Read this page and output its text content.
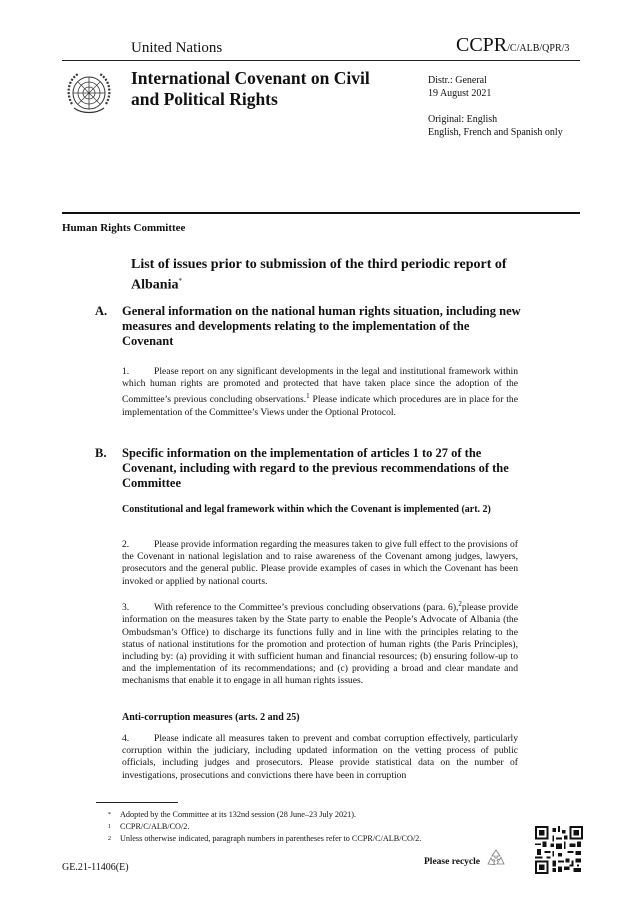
United Nations	CCPR/C/ALB/QPR/3
International Covenant on Civil and Political Rights

Distr.: General

19 August 2021

Original: English

English, French and Spanish only

Human Rights Committee
List of issues prior to submission of the third periodic report of Albania*
A. General information on the national human rights situation, including new measures and developments relating to the implementation of the Covenant
1.	Please report on any significant developments in the legal and institutional framework within which human rights are promoted and protected that have taken place since the adoption of the Committee’s previous concluding observations.$^1$ Please indicate which procedures are in place for the implementation of the Committee’s Views under the Optional Protocol.
B. Specific information on the implementation of articles 1 to 27 of the Covenant, including with regard to the previous recommendations of the Committee
Constitutional and legal framework within which the Covenant is implemented (art. 2)
2.	Please provide information regarding the measures taken to give full effect to the provisions of the Covenant in national legislation and to raise awareness of the Covenant among judges, lawyers, prosecutors and the general public. Please provide examples of cases in which the Covenant has been invoked or applied by national courts.
3.	With reference to the Committee’s previous concluding observations (para. 6),$^2$please provide information on the measures taken by the State party to enable the People’s Advocate of Albania (the Ombudsman’s Office) to discharge its functions fully and in line with the principles relating to the status of national institutions for the promotion and protection of human rights (the Paris Principles), including by: (a) providing it with sufficient human and financial resources; (b) ensuring follow-up to and the implementation of its recommendations; and (c) providing a broad and clear mandate and mechanisms that enable it to engage in all human rights issues.
Anti-corruption measures (arts. 2 and 25)
4.	Please indicate all measures taken to prevent and combat corruption effectively, particularly corruption within the judiciary, including updated information on the vetting process of public officials, including judges and prosecutors. Please provide statistical data on the number of investigations, prosecutions and convictions there have been in corruption
* Adopted by the Committee at its 132nd session (28 June–23 July 2021).
1 CCPR/C/ALB/CO/2.
2 Unless otherwise indicated, paragraph numbers in parentheses refer to CCPR/C/ALB/CO/2.
GE.21-11406(E)	Please recycle
